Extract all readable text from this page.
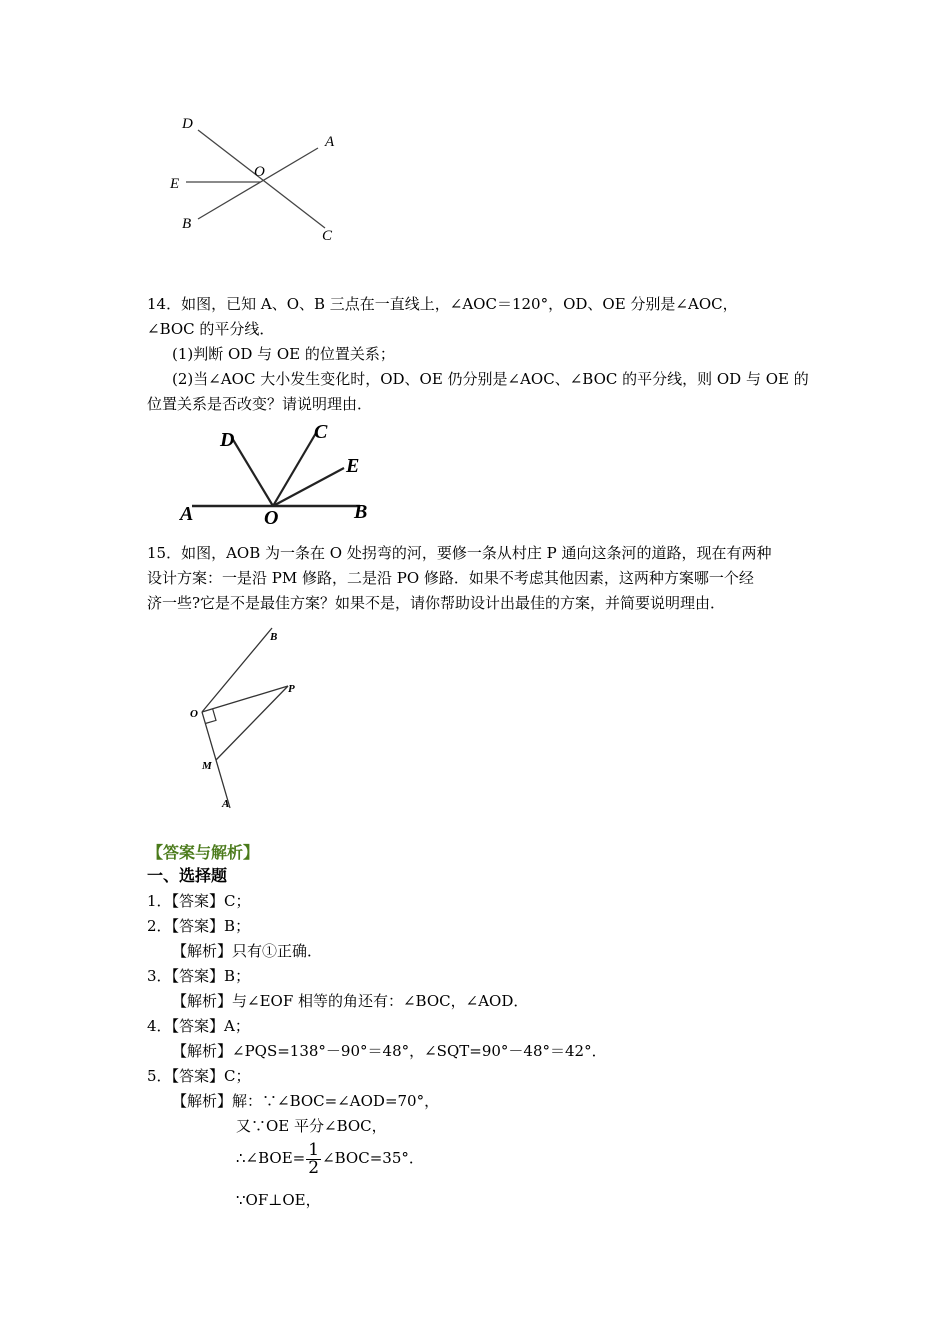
D
A
O
E
B
C
14．如图，已知 A、O、B 三点在一直线上，∠AOC＝120°，OD、OE 分别是∠AOC，
∠BOC 的平分线．
(1)判断 OD 与 OE 的位置关系；
(2)当∠AOC 大小发生变化时，OD、OE 仍分别是∠AOC、∠BOC 的平分线，则 OD 与 OE 的
位置关系是否改变？请说明理由．
D	C
E
A	O	B
15．如图，AOB 为一条在 O 处拐弯的河，要修一条从村庄 P 通向这条河的道路，现在有两种
设计方案：一是沿 PM 修路，二是沿 PO 修路．如果不考虑其他因素，这两种方案哪一个经
济一些?它是不是最佳方案？如果不是，请你帮助设计出最佳的方案，并简要说明理由．
B
P
O
M
A
【答案与解析】
一、选择题
1．【答案】C；
2．【答案】B；
【解析】只有①正确．
3．【答案】B；
【解析】与∠EOF 相等的角还有：∠BOC，∠AOD．
4．【答案】A；
【解析】∠PQS=138°－90°＝48°，∠SQT=90°－48°＝42°．
5．【答案】C；
【解析】解：∵∠BOC=∠AOD=70°，
又∵OE 平分∠BOC，
∴∠BOE= $\frac{1}{2}$ ∠BOC=35°．
∵OF⊥OE，
